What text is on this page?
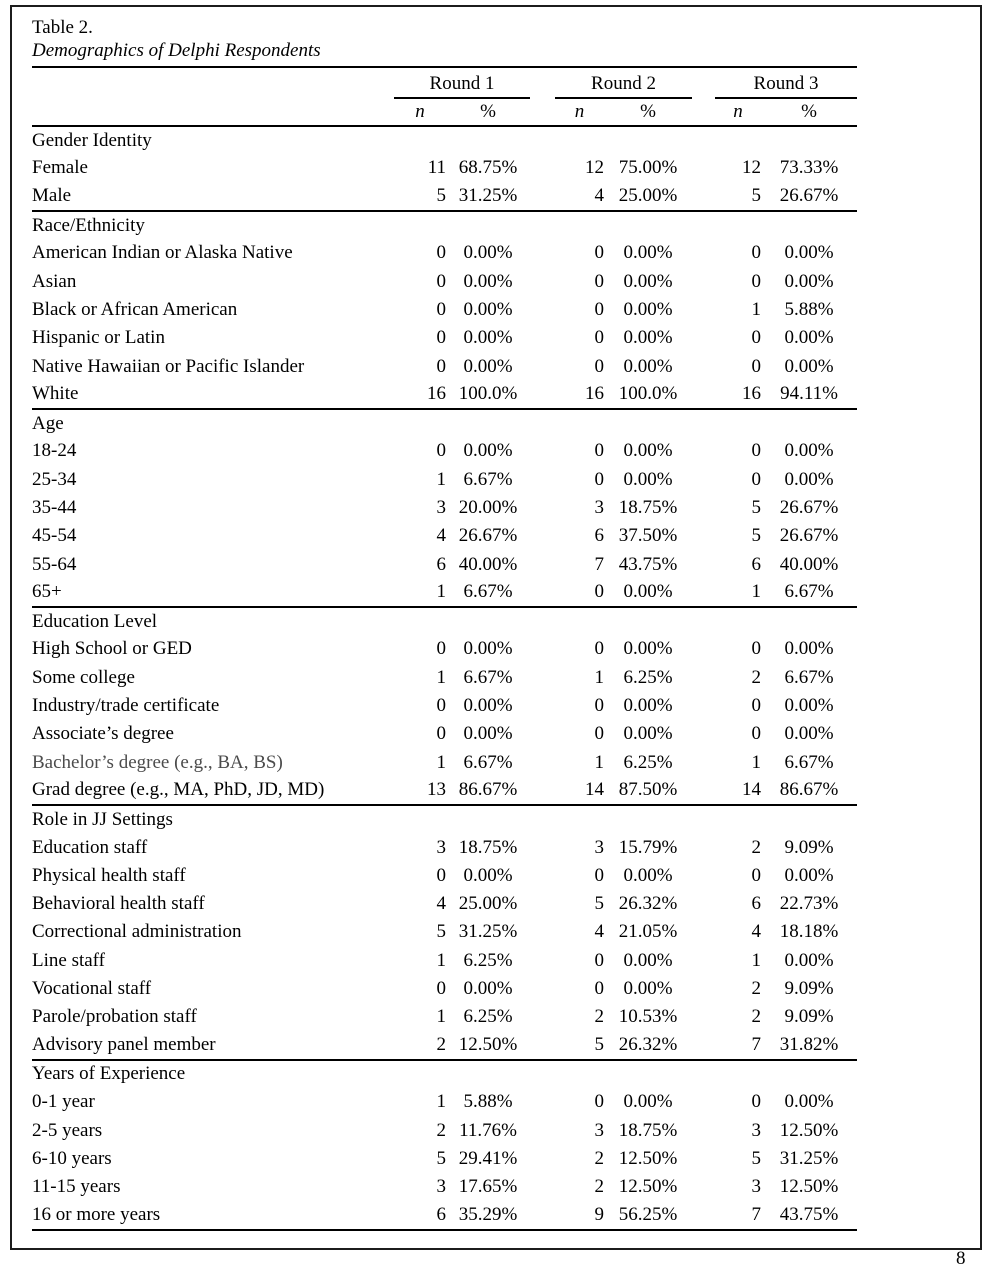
Table 2.
Demographics of Delphi Respondents
	Round 1			Round 2			Round 3	
	n	%		n	%		n	%
Gender Identity								
Female	11	68.75%		12	75.00%		12	73.33%
Male	5	31.25%		4	25.00%		5	26.67%
Race/Ethnicity								
American Indian or Alaska Native	0	0.00%		0	0.00%		0	0.00%
Asian	0	0.00%		0	0.00%		0	0.00%
Black or African American	0	0.00%		0	0.00%		1	5.88%
Hispanic or Latin	0	0.00%		0	0.00%		0	0.00%
Native Hawaiian or Pacific Islander	0	0.00%		0	0.00%		0	0.00%
White	16	100.0%		16	100.0%		16	94.11%
Age								
18-24	0	0.00%		0	0.00%		0	0.00%
25-34	1	6.67%		0	0.00%		0	0.00%
35-44	3	20.00%		3	18.75%		5	26.67%
45-54	4	26.67%		6	37.50%		5	26.67%
55-64	6	40.00%		7	43.75%		6	40.00%
65+	1	6.67%		0	0.00%		1	6.67%
Education Level								
High School or GED	0	0.00%		0	0.00%		0	0.00%
Some college	1	6.67%		1	6.25%		2	6.67%
Industry/trade certificate	0	0.00%		0	0.00%		0	0.00%
Associate’s degree	0	0.00%		0	0.00%		0	0.00%
Bachelor’s degree (e.g., BA, BS)	1	6.67%		1	6.25%		1	6.67%
Grad degree (e.g., MA, PhD, JD, MD)	13	86.67%		14	87.50%		14	86.67%
Role in JJ Settings								
Education staff	3	18.75%		3	15.79%		2	9.09%
Physical health staff	0	0.00%		0	0.00%		0	0.00%
Behavioral health staff	4	25.00%		5	26.32%		6	22.73%
Correctional administration	5	31.25%		4	21.05%		4	18.18%
Line staff	1	6.25%		0	0.00%		1	0.00%
Vocational staff	0	0.00%		0	0.00%		2	9.09%
Parole/probation staff	1	6.25%		2	10.53%		2	9.09%
Advisory panel member	2	12.50%		5	26.32%		7	31.82%
Years of Experience								
0-1 year	1	5.88%		0	0.00%		0	0.00%
2-5 years	2	11.76%		3	18.75%		3	12.50%
6-10 years	5	29.41%		2	12.50%		5	31.25%
11-15 years	3	17.65%		2	12.50%		3	12.50%
16 or more years	6	35.29%		9	56.25%		7	43.75%
8
